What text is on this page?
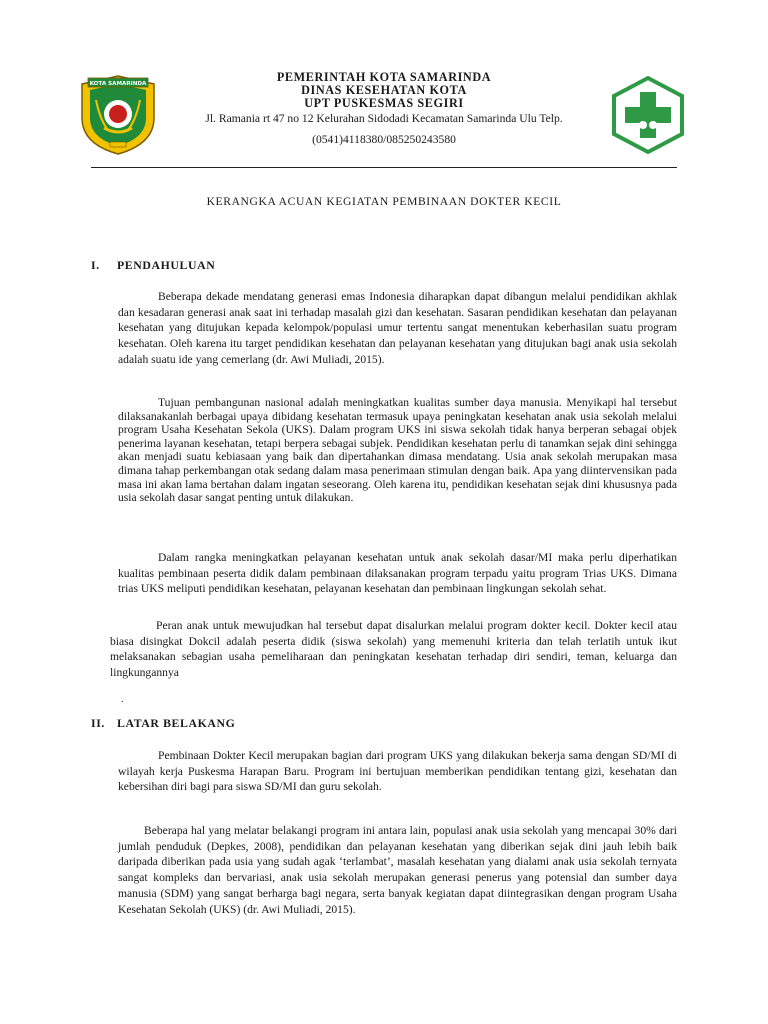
KOTA SAMARINDA	PEMERINTAH KOTA SAMARINDA

DINAS KESEHATAN KOTA

UPT PUSKESMAS SEGIRI

Jl. Ramania rt 47 no 12 Kelurahan Sidodadi Kecamatan Samarinda Ulu Telp.
(0541)4118380/085250243580
KERANGKA ACUAN KEGIATAN PEMBINAAN DOKTER KECIL
I. PENDAHULUAN

Beberapa dekade mendatang generasi emas Indonesia diharapkan dapat dibangun melalui pendidikan akhlak dan kesadaran generasi anak saat ini terhadap masalah gizi dan kesehatan. Sasaran pendidikan kesehatan dan pelayanan kesehatan yang ditujukan kepada kelompok/populasi umur tertentu sangat menentukan keberhasilan suatu program kesehatan. Oleh karena itu target pendidikan kesehatan dan pelayanan kesehatan yang ditujukan bagi anak usia sekolah adalah suatu ide yang cemerlang (dr. Awi Muliadi, 2015).

Tujuan pembangunan nasional adalah meningkatkan kualitas sumber daya manusia. Menyikapi hal tersebut dilaksanakanlah berbagai upaya dibidang kesehatan termasuk upaya peningkatan kesehatan anak usia sekolah melalui program Usaha Kesehatan Sekola (UKS). Dalam program UKS ini siswa sekolah tidak hanya berperan sebagai objek penerima layanan kesehatan, tetapi berpera sebagai subjek. Pendidikan kesehatan perlu di tanamkan sejak dini sehingga akan menjadi suatu kebiasaan yang baik dan dipertahankan dimasa mendatang. Usia anak sekolah merupakan masa dimana tahap perkembangan otak sedang dalam masa penerimaan stimulan dengan baik. Apa yang diintervensikan pada masa ini akan lama bertahan dalam ingatan seseorang. Oleh karena itu, pendidikan kesehatan sejak dini khususnya pada usia sekolah dasar sangat penting untuk dilakukan.

Dalam rangka meningkatkan pelayanan kesehatan untuk anak sekolah dasar/MI maka perlu diperhatikan kualitas pembinaan peserta didik dalam pembinaan dilaksanakan program terpadu yaitu program Trias UKS. Dimana trias UKS meliputi pendidikan kesehatan, pelayanan kesehatan dan pembinaan lingkungan sekolah sehat.

Peran anak untuk mewujudkan hal tersebut dapat disalurkan melalui program dokter kecil. Dokter kecil atau biasa disingkat Dokcil adalah peserta didik (siswa sekolah) yang memenuhi kriteria dan telah terlatih untuk ikut melaksanakan sebagian usaha pemeliharaan dan peningkatan kesehatan terhadap diri sendiri, teman, keluarga dan lingkungannya

.
II. LATAR BELAKANG

Pembinaan Dokter Kecil merupakan bagian dari program UKS yang dilakukan bekerja sama dengan SD/MI di wilayah kerja Puskesma Harapan Baru. Program ini bertujuan memberikan pendidikan tentang gizi, kesehatan dan kebersihan diri bagi para siswa SD/MI dan guru sekolah.

Beberapa hal yang melatar belakangi program ini antara lain, populasi anak usia sekolah yang mencapai 30% dari jumlah penduduk (Depkes, 2008), pendidikan dan pelayanan kesehatan yang diberikan sejak dini jauh lebih baik daripada diberikan pada usia yang sudah agak ‘terlambat’, masalah kesehatan yang dialami anak usia sekolah ternyata sangat kompleks dan bervariasi, anak usia sekolah merupakan generasi penerus yang potensial dan sumber daya manusia (SDM) yang sangat berharga bagi negara, serta banyak kegiatan dapat diintegrasikan dengan program Usaha Kesehatan Sekolah (UKS) (dr. Awi Muliadi, 2015).
